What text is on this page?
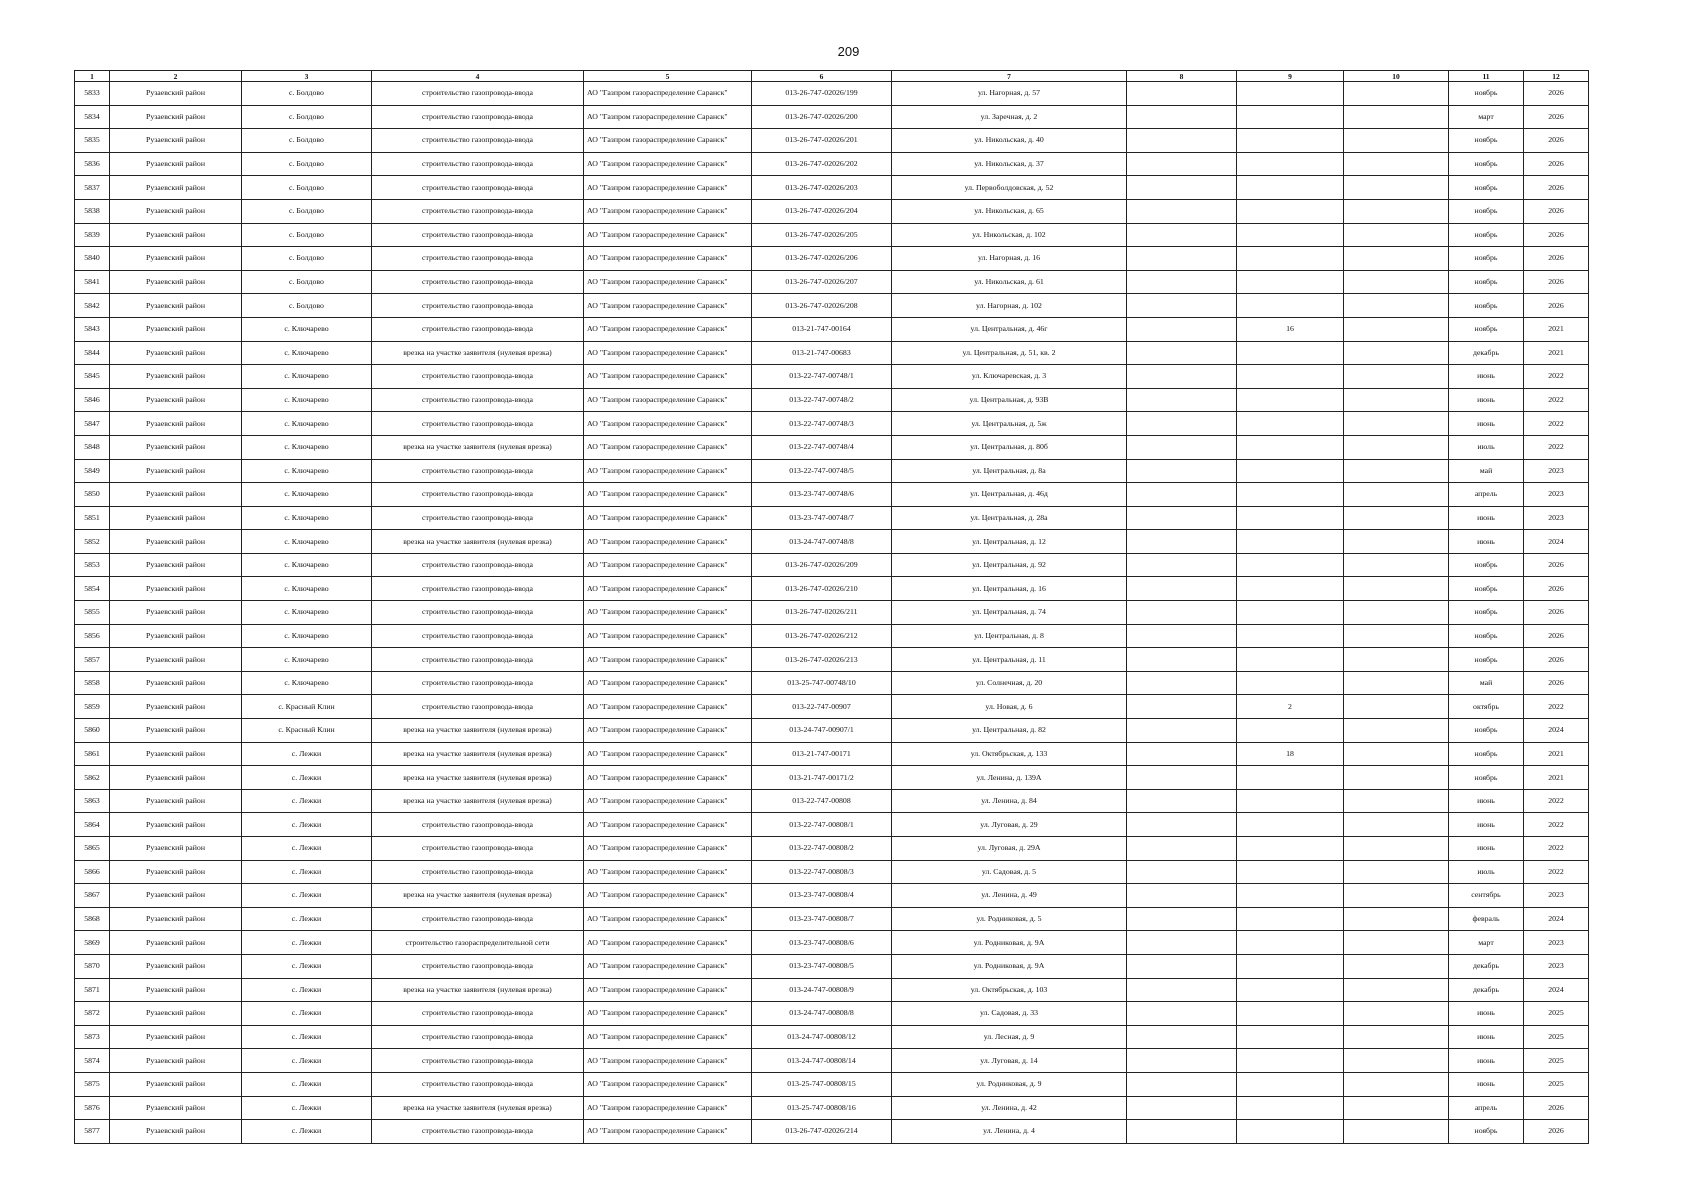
209
1	2	3	4	5	6	7	8	9	10	11	12
5833	Рузаевский район	с. Болдово	строительство газопровода-ввода	АО "Газпром газораспределение Саранск"	013-26-747-02026/199	ул. Нагорная, д. 57				ноябрь	2026
5834	Рузаевский район	с. Болдово	строительство газопровода-ввода	АО "Газпром газораспределение Саранск"	013-26-747-02026/200	ул. Заречная, д. 2				март	2026
5835	Рузаевский район	с. Болдово	строительство газопровода-ввода	АО "Газпром газораспределение Саранск"	013-26-747-02026/201	ул. Никольская, д. 40				ноябрь	2026
5836	Рузаевский район	с. Болдово	строительство газопровода-ввода	АО "Газпром газораспределение Саранск"	013-26-747-02026/202	ул. Никольская, д. 37				ноябрь	2026
5837	Рузаевский район	с. Болдово	строительство газопровода-ввода	АО "Газпром газораспределение Саранск"	013-26-747-02026/203	ул. Первоболдовская, д. 52				ноябрь	2026
5838	Рузаевский район	с. Болдово	строительство газопровода-ввода	АО "Газпром газораспределение Саранск"	013-26-747-02026/204	ул. Никольская, д. 65				ноябрь	2026
5839	Рузаевский район	с. Болдово	строительство газопровода-ввода	АО "Газпром газораспределение Саранск"	013-26-747-02026/205	ул. Никольская, д. 102				ноябрь	2026
5840	Рузаевский район	с. Болдово	строительство газопровода-ввода	АО "Газпром газораспределение Саранск"	013-26-747-02026/206	ул. Нагорная, д. 16				ноябрь	2026
5841	Рузаевский район	с. Болдово	строительство газопровода-ввода	АО "Газпром газораспределение Саранск"	013-26-747-02026/207	ул. Никольская, д. 61				ноябрь	2026
5842	Рузаевский район	с. Болдово	строительство газопровода-ввода	АО "Газпром газораспределение Саранск"	013-26-747-02026/208	ул. Нагорная, д. 102				ноябрь	2026
5843	Рузаевский район	с. Ключарево	строительство газопровода-ввода	АО "Газпром газораспределение Саранск"	013-21-747-00164	ул. Центральная, д. 46г		16		ноябрь	2021
5844	Рузаевский район	с. Ключарево	врезка на участке заявителя (нулевая врезка)	АО "Газпром газораспределение Саранск"	013-21-747-00683	ул. Центральная, д. 51, кв. 2				декабрь	2021
5845	Рузаевский район	с. Ключарево	строительство газопровода-ввода	АО "Газпром газораспределение Саранск"	013-22-747-00748/1	ул. Ключаревская, д. 3				июнь	2022
5846	Рузаевский район	с. Ключарево	строительство газопровода-ввода	АО "Газпром газораспределение Саранск"	013-22-747-00748/2	ул. Центральная, д. 93В				июнь	2022
5847	Рузаевский район	с. Ключарево	строительство газопровода-ввода	АО "Газпром газораспределение Саранск"	013-22-747-00748/3	ул. Центральная, д. 5ж				июнь	2022
5848	Рузаевский район	с. Ключарево	врезка на участке заявителя (нулевая врезка)	АО "Газпром газораспределение Саранск"	013-22-747-00748/4	ул. Центральная, д. 80б				июль	2022
5849	Рузаевский район	с. Ключарево	строительство газопровода-ввода	АО "Газпром газораспределение Саранск"	013-22-747-00748/5	ул. Центральная, д. 8а				май	2023
5850	Рузаевский район	с. Ключарево	строительство газопровода-ввода	АО "Газпром газораспределение Саранск"	013-23-747-00748/6	ул. Центральная, д. 46д				апрель	2023
5851	Рузаевский район	с. Ключарево	строительство газопровода-ввода	АО "Газпром газораспределение Саранск"	013-23-747-00748/7	ул. Центральная, д. 28а				июнь	2023
5852	Рузаевский район	с. Ключарево	врезка на участке заявителя (нулевая врезка)	АО "Газпром газораспределение Саранск"	013-24-747-00748/8	ул. Центральная, д. 12				июнь	2024
5853	Рузаевский район	с. Ключарево	строительство газопровода-ввода	АО "Газпром газораспределение Саранск"	013-26-747-02026/209	ул. Центральная, д. 92				ноябрь	2026
5854	Рузаевский район	с. Ключарево	строительство газопровода-ввода	АО "Газпром газораспределение Саранск"	013-26-747-02026/210	ул. Центральная, д. 16				ноябрь	2026
5855	Рузаевский район	с. Ключарево	строительство газопровода-ввода	АО "Газпром газораспределение Саранск"	013-26-747-02026/211	ул. Центральная, д. 74				ноябрь	2026
5856	Рузаевский район	с. Ключарево	строительство газопровода-ввода	АО "Газпром газораспределение Саранск"	013-26-747-02026/212	ул. Центральная, д. 8				ноябрь	2026
5857	Рузаевский район	с. Ключарево	строительство газопровода-ввода	АО "Газпром газораспределение Саранск"	013-26-747-02026/213	ул. Центральная, д. 11				ноябрь	2026
5858	Рузаевский район	с. Ключарево	строительство газопровода-ввода	АО "Газпром газораспределение Саранск"	013-25-747-00748/10	ул. Солнечная, д. 20				май	2026
5859	Рузаевский район	с. Красный Клин	строительство газопровода-ввода	АО "Газпром газораспределение Саранск"	013-22-747-00907	ул. Новая, д. 6		2		октябрь	2022
5860	Рузаевский район	с. Красный Клин	врезка на участке заявителя (нулевая врезка)	АО "Газпром газораспределение Саранск"	013-24-747-00907/1	ул. Центральная, д. 82				ноябрь	2024
5861	Рузаевский район	с. Лежки	врезка на участке заявителя (нулевая врезка)	АО "Газпром газораспределение Саранск"	013-21-747-00171	ул. Октябрьская, д. 133		18		ноябрь	2021
5862	Рузаевский район	с. Лежки	врезка на участке заявителя (нулевая врезка)	АО "Газпром газораспределение Саранск"	013-21-747-00171/2	ул. Ленина, д. 139А				ноябрь	2021
5863	Рузаевский район	с. Лежки	врезка на участке заявителя (нулевая врезка)	АО "Газпром газораспределение Саранск"	013-22-747-00808	ул. Ленина, д. 84				июнь	2022
5864	Рузаевский район	с. Лежки	строительство газопровода-ввода	АО "Газпром газораспределение Саранск"	013-22-747-00808/1	ул. Луговая, д. 29				июнь	2022
5865	Рузаевский район	с. Лежки	строительство газопровода-ввода	АО "Газпром газораспределение Саранск"	013-22-747-00808/2	ул. Луговая, д. 29А				июнь	2022
5866	Рузаевский район	с. Лежки	строительство газопровода-ввода	АО "Газпром газораспределение Саранск"	013-22-747-00808/3	ул. Садовая, д. 5				июль	2022
5867	Рузаевский район	с. Лежки	врезка на участке заявителя (нулевая врезка)	АО "Газпром газораспределение Саранск"	013-23-747-00808/4	ул. Ленина, д. 49				сентябрь	2023
5868	Рузаевский район	с. Лежки	строительство газопровода-ввода	АО "Газпром газораспределение Саранск"	013-23-747-00808/7	ул. Родниковая, д. 5				февраль	2024
5869	Рузаевский район	с. Лежки	строительство газораспределительной сети	АО "Газпром газораспределение Саранск"	013-23-747-00808/6	ул. Родниковая, д. 9А				март	2023
5870	Рузаевский район	с. Лежки	строительство газопровода-ввода	АО "Газпром газораспределение Саранск"	013-23-747-00808/5	ул. Родниковая, д. 9А				декабрь	2023
5871	Рузаевский район	с. Лежки	врезка на участке заявителя (нулевая врезка)	АО "Газпром газораспределение Саранск"	013-24-747-00808/9	ул. Октябрьская, д. 103				декабрь	2024
5872	Рузаевский район	с. Лежки	строительство газопровода-ввода	АО "Газпром газораспределение Саранск"	013-24-747-00808/8	ул. Садовая, д. 33				июнь	2025
5873	Рузаевский район	с. Лежки	строительство газопровода-ввода	АО "Газпром газораспределение Саранск"	013-24-747-00808/12	ул. Лесная, д. 9				июнь	2025
5874	Рузаевский район	с. Лежки	строительство газопровода-ввода	АО "Газпром газораспределение Саранск"	013-24-747-00808/14	ул. Луговая, д. 14				июнь	2025
5875	Рузаевский район	с. Лежки	строительство газопровода-ввода	АО "Газпром газораспределение Саранск"	013-25-747-00808/15	ул. Родниковая, д. 9				июнь	2025
5876	Рузаевский район	с. Лежки	врезка на участке заявителя (нулевая врезка)	АО "Газпром газораспределение Саранск"	013-25-747-00808/16	ул. Ленина, д. 42				апрель	2026
5877	Рузаевский район	с. Лежки	строительство газопровода-ввода	АО "Газпром газораспределение Саранск"	013-26-747-02026/214	ул. Ленина, д. 4				ноябрь	2026
